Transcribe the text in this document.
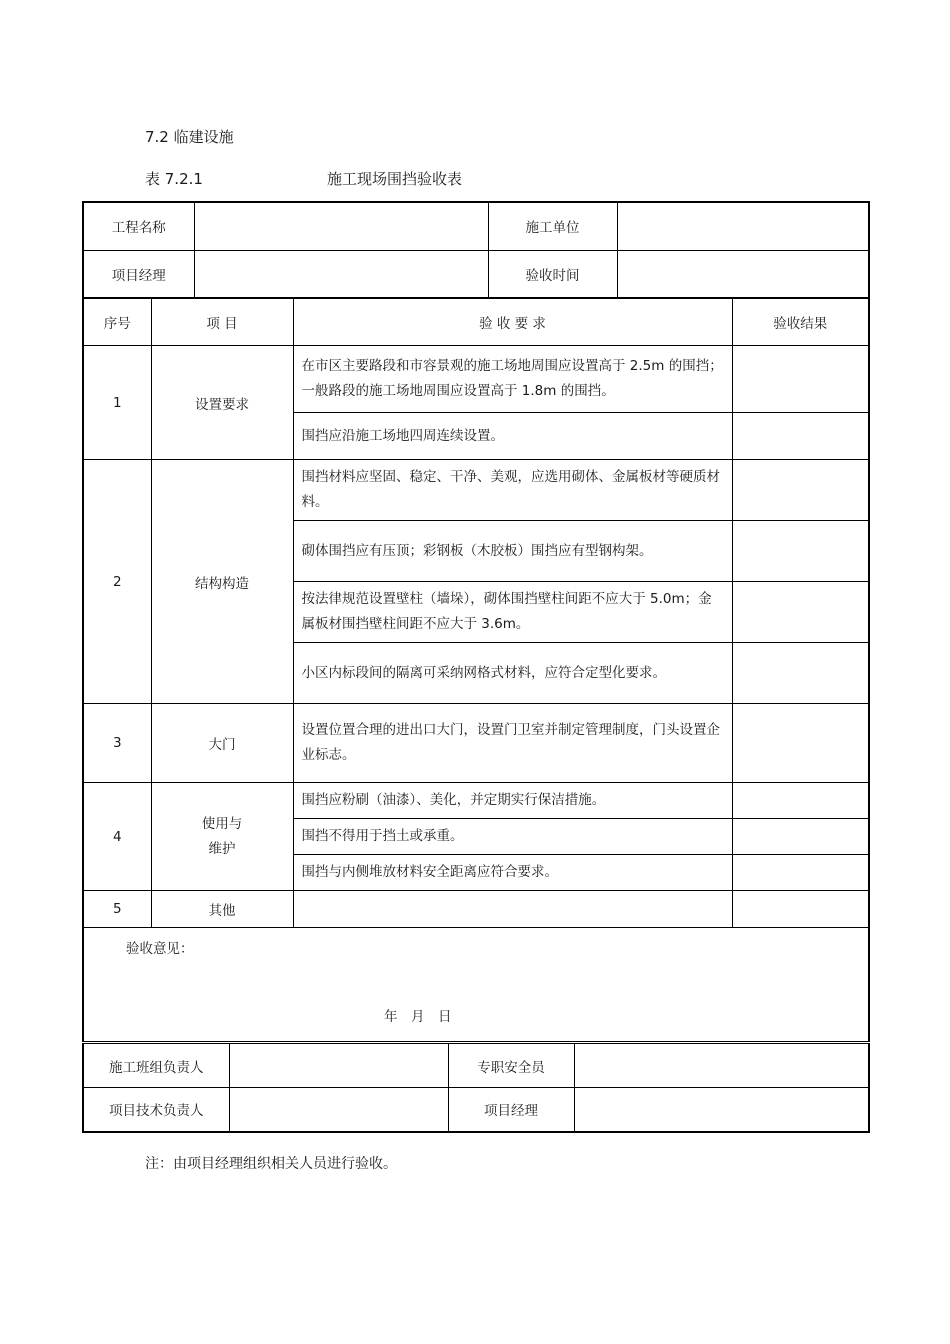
7.2 临建设施
表 7.2.1	施工现场围挡验收表
工程名称		施工单位	
项目经理		验收时间	
序号	项 目	验 收 要 求	验收结果
1	设置要求	在市区主要路段和市容景观的施工场地周围应设置高于 2.5m 的围挡；一般路段的施工场地周围应设置高于 1.8m 的围挡。	
		围挡应沿施工场地四周连续设置。	
2	结构构造	围挡材料应坚固、稳定、干净、美观，应选用砌体、金属板材等硬质材料。	
		砌体围挡应有压顶；彩钢板（木胶板）围挡应有型钢构架。	
		按法律规范设置壁柱（墙垛），砌体围挡壁柱间距不应大于 5.0m；金属板材围挡壁柱间距不应大于 3.6m。	
		小区内标段间的隔离可采纳网格式材料，应符合定型化要求。	
3	大门	设置位置合理的进出口大门，设置门卫室并制定管理制度，门头设置企业标志。	
4	使用与维护	围挡应粉刷（油漆）、美化，并定期实行保洁措施。	
		围挡不得用于挡土或承重。	
		围挡与内侧堆放材料安全距离应符合要求。	
5	其他		

验收意见：
年　月　日			
施工班组负责人		专职安全员	
项目技术负责人		项目经理	
注：由项目经理组织相关人员进行验收。
